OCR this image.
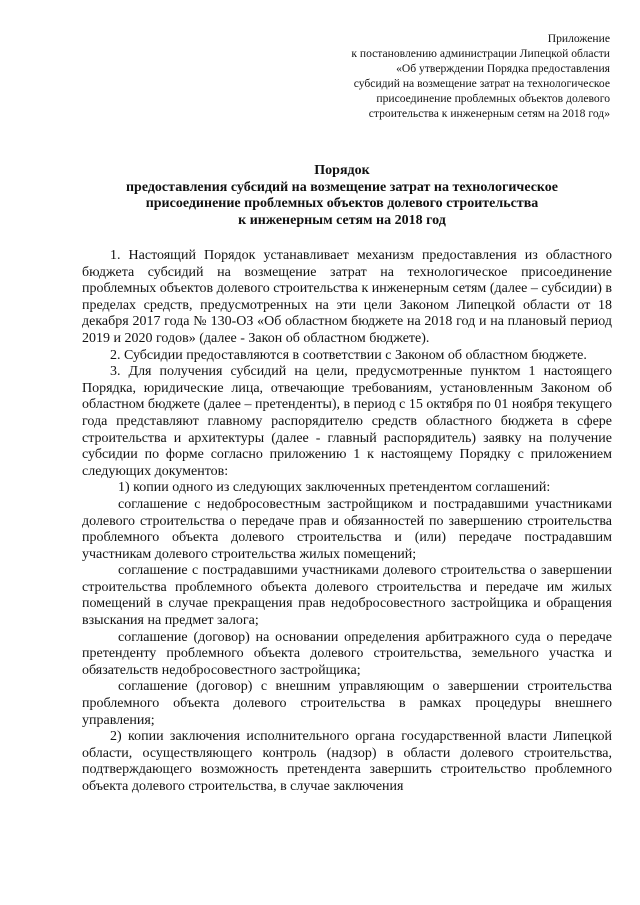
Приложение
к постановлению администрации Липецкой области
«Об утверждении Порядка предоставления
субсидий на возмещение затрат на технологическое
присоединение проблемных объектов долевого
строительства к инженерным сетям на 2018 год»
Порядок
предоставления субсидий на возмещение затрат на технологическое
присоединение проблемных объектов долевого строительства
к инженерным сетям на 2018 год

1. Настоящий Порядок устанавливает механизм предоставления из областного бюджета субсидий на возмещение затрат на технологическое присоединение проблемных объектов долевого строительства к инженерным сетям (далее – субсидии) в пределах средств, предусмотренных на эти цели Законом Липецкой области от 18 декабря 2017 года № 130-ОЗ «Об областном бюджете на 2018 год и на плановый период 2019 и 2020 годов» (далее - Закон об областном бюджете).

2. Субсидии предоставляются в соответствии с Законом об областном бюджете.

3. Для получения субсидий на цели, предусмотренные пунктом 1 настоящего Порядка, юридические лица, отвечающие требованиям, установленным Законом об областном бюджете (далее – претенденты), в период с 15 октября по 01 ноября текущего года представляют главному распорядителю средств областного бюджета в сфере строительства и архитектуры (далее - главный распорядитель) заявку на получение субсидии по форме согласно приложению 1 к настоящему Порядку с приложением следующих документов:

1) копии одного из следующих заключенных претендентом соглашений:

соглашение с недобросовестным застройщиком и пострадавшими участниками долевого строительства о передаче прав и обязанностей по завершению строительства проблемного объекта долевого строительства и (или) передаче пострадавшим участникам долевого строительства жилых помещений;

соглашение с пострадавшими участниками долевого строительства о завершении строительства проблемного объекта долевого строительства и передаче им жилых помещений в случае прекращения прав недобросовестного застройщика и обращения взыскания на предмет залога;

соглашение (договор) на основании определения арбитражного суда о передаче претенденту проблемного объекта долевого строительства, земельного участка и обязательств недобросовестного застройщика;

соглашение (договор) с внешним управляющим о завершении строительства проблемного объекта долевого строительства в рамках процедуры внешнего управления;

2) копии заключения исполнительного органа государственной власти Липецкой области, осуществляющего контроль (надзор) в области долевого строительства, подтверждающего возможность претендента завершить строительство проблемного объекта долевого строительства, в случае заключения
